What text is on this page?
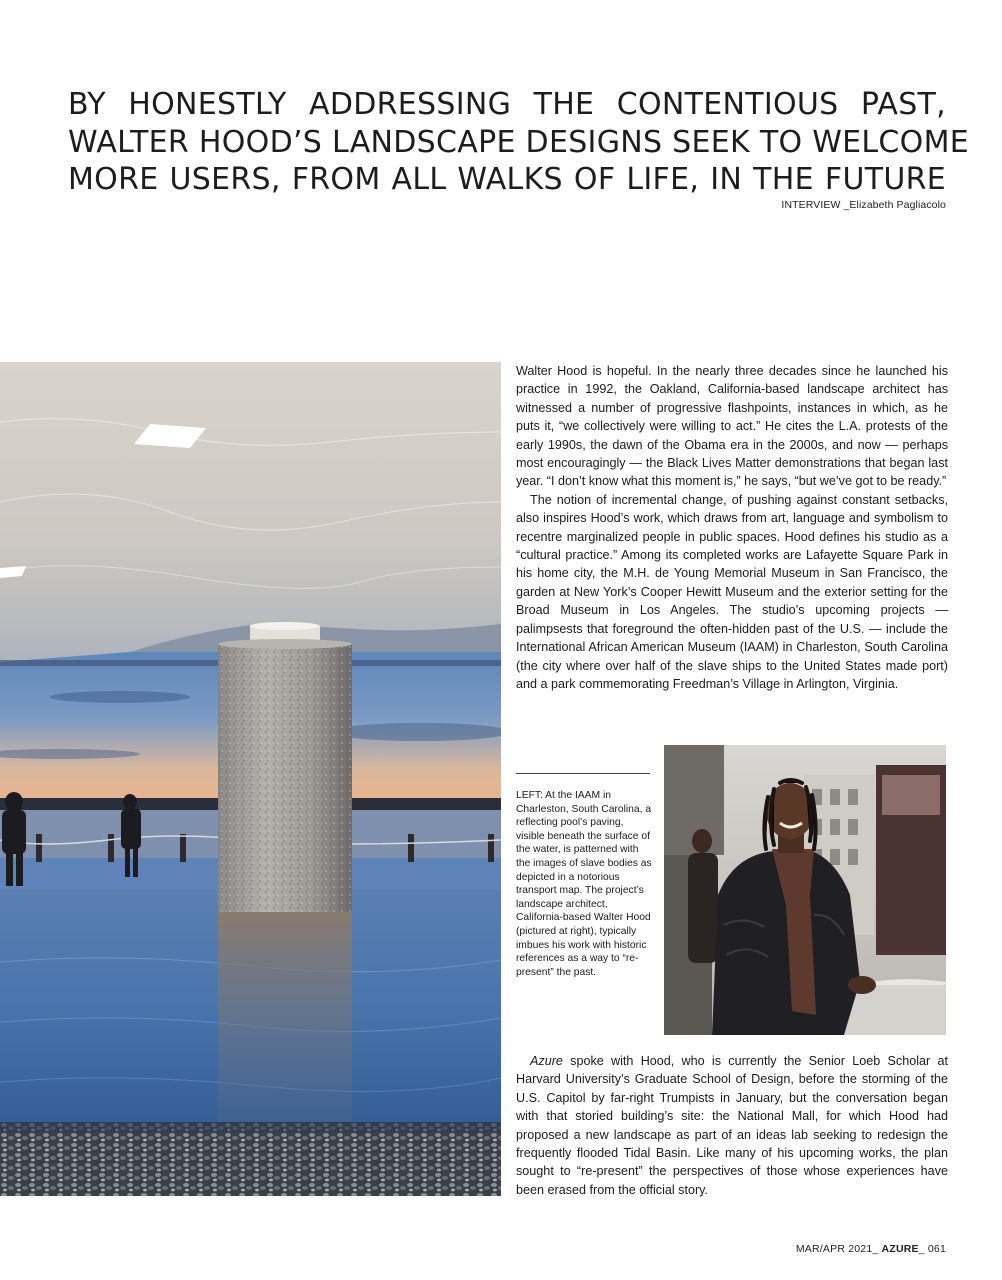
BY HONESTLY ADDRESSING THE CONTENTIOUS PAST,
WALTER HOOD’S LANDSCAPE DESIGNS SEEK TO WELCOME
MORE USERS, FROM ALL WALKS OF LIFE, IN THE FUTURE
INTERVIEW _Elizabeth Pagliacolo

Walter Hood is hopeful. In the nearly three decades since he launched his practice in 1992, the Oakland, California-based landscape architect has witnessed a number of progressive flashpoints, instances in which, as he puts it, “we collectively were willing to act.” He cites the L.A. protests of the early 1990s, the dawn of the Obama era in the 2000s, and now — perhaps most encouragingly — the Black Lives Matter demonstrations that began last year. “I don’t know what this moment is,” he says, “but we’ve got to be ready.”

The notion of incremental change, of pushing against constant setbacks, also inspires Hood’s work, which draws from art, language and symbolism to recentre marginalized people in public spaces. Hood defines his studio as a “cultural practice.” Among its completed works are Lafayette Square Park in his home city, the M.H. de Young Memorial Museum in San Francisco, the garden at New York’s Cooper Hewitt Museum and the exterior setting for the Broad Museum in Los Angeles. The studio’s upcoming projects — palimpsests that foreground the often-hidden past of the U.S. — include the International African American Museum (IAAM) in Charleston, South Carolina (the city where over half of the slave ships to the United States made port) and a park commemorating Freedman’s Village in Arlington, Virginia.

LEFT: At the IAAM in Charleston, South Carolina, a reflecting pool’s paving, visible beneath the surface of the water, is patterned with the images of slave bodies as depicted in a notorious transport map. The project’s landscape architect, California-based Walter Hood (pictured at right), typically imbues his work with historic references as a way to “re-present” the past.

Azure spoke with Hood, who is currently the Senior Loeb Scholar at Harvard University’s Graduate School of Design, before the storming of the U.S. Capitol by far-right Trumpists in January, but the conversation began with that storied building’s site: the National Mall, for which Hood had proposed a new landscape as part of an ideas lab seeking to redesign the frequently flooded Tidal Basin. Like many of his upcoming works, the plan sought to “re-present” the perspectives of those whose experiences have been erased from the official story.

MAR/APR 2021_ AZURE_ 061
